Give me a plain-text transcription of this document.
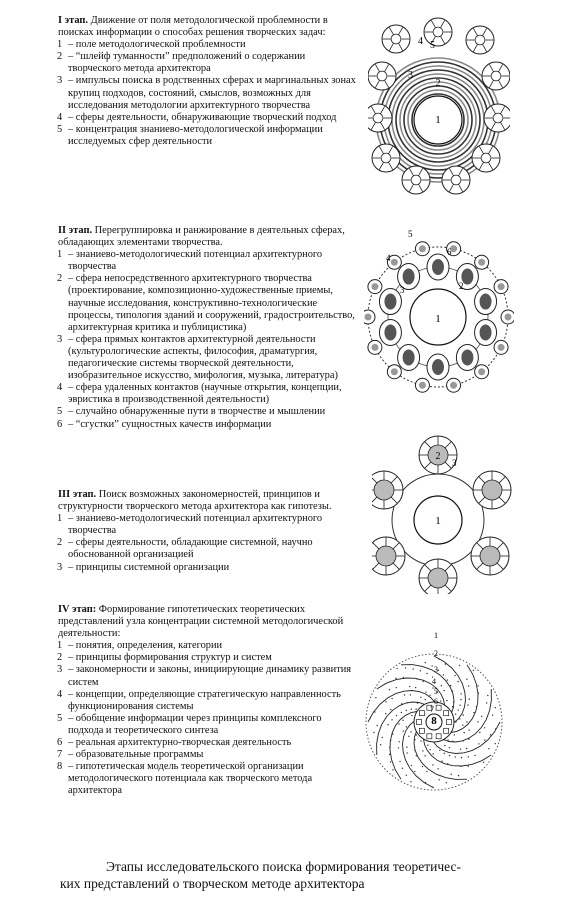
I этап. Движение от поля методологической проблемности в поисках информации о способах решения творческих задач:

1 – поле методологической проблемности
2 – “шлейф туманности” предположений о содержании творческого метода архитектора
3 – импульсы поиска в родственных сферах и маргинальных зонах крупиц подходов, состояний, смыслов, возможных для исследования методологии архитектурного творчества
4 – сферы деятельности, обнаруживающие творческий подход
5 – концентрация знаниево-методологической информации исследуемых сфер деятельности

II этап. Перегруппировка и ранжирование в деятельных сферах, обладающих элементами творчества.

1 – знаниево-методологический потенциал архитектурного творчества
2 – сфера непосредственного архитектурного творчества (проектирование, композиционно-художественные приемы, научные исследования, конструктивно-технологические процессы, типология зданий и сооружений, градостроительство, архитектурная критика и публицистика)
3 – сфера прямых контактов архитектурной деятельности (культурологические аспекты, философия, драматургия, педагогические системы творческой деятельности, изобразительное искусство, мифология, музыка, литература)
4 – сфера удаленных контактов (научные открытия, концепции, эвристика в производственной деятельности)
5 – случайно обнаруженные пути в творчестве и мышлении
6 – “сгустки” сущностных качеств информации

III этап. Поиск возможных закономерностей, принципов и структурности творческого метода архитектора как гипотезы.

1 – знаниево-методологический потенциал архитектурного творчества
2 – сферы деятельности, обладающие системной, научно обоснованной организацией
3 – принципы системной организации

IV этап: Формирование гипотетических теоретических представлений узла концентрации системной методологической деятельности:

1 – понятия, определения, категории
2 – принципы формирования структур и систем
3 – закономерности и законы, инициирующие динамику развития систем
4 – концепции, определяющие стратегическую направленность функционирования системы
5 – обобщение информации через принципы комплексного подхода и теоретического синтеза
6 – реальная архитектурно-творческая деятельность
7 – образовательные программы
8 – гипотетическая модель теоретической организации методологического потенциала как творческого метода архитектора
1
2
3
4 5
1
2
3
4
5
6
1
2
3
1
2
3
4
5
6
7
8
Этапы исследовательского поиска формирования теоретичес-
ких представлений о творческом методе архитектора
